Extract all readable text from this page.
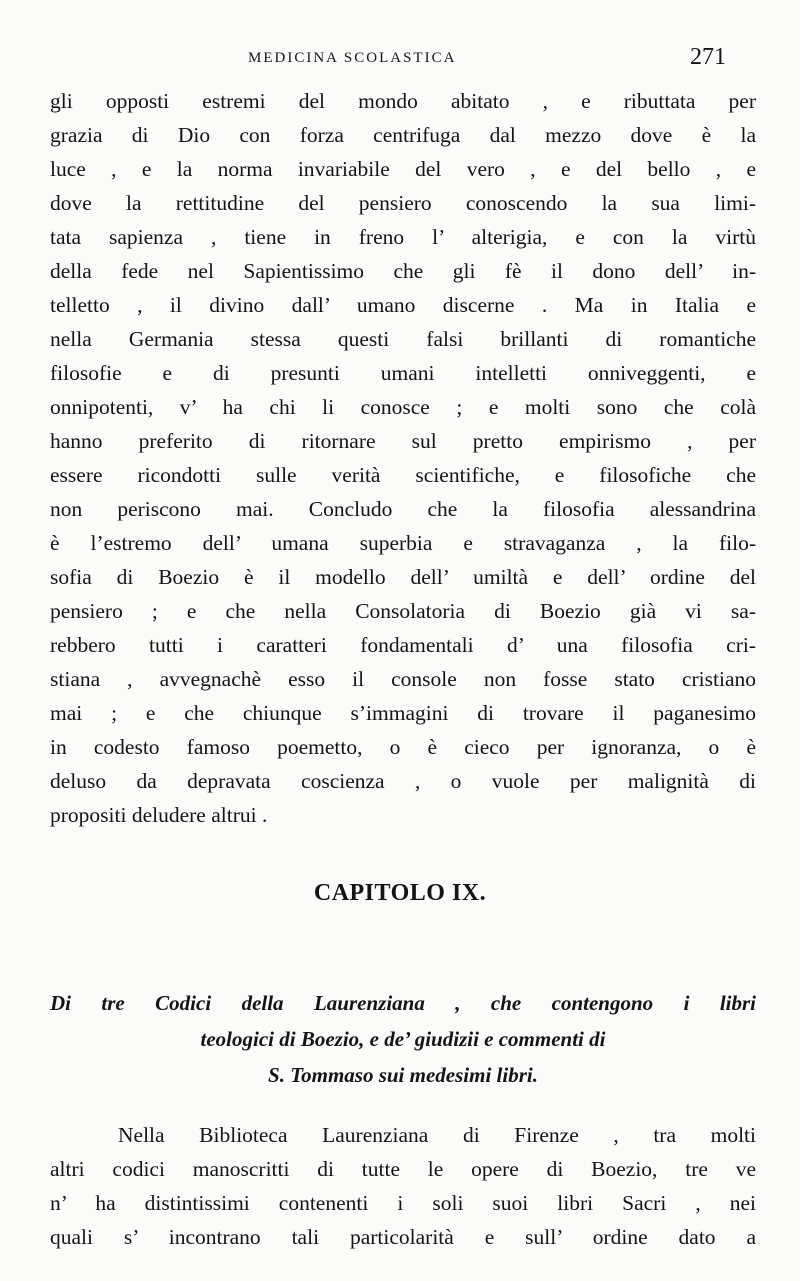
MEDICINA SCOLASTICA	271
gli opposti estremi del mondo abitato , e ributtata per
grazia di Dio con forza centrifuga dal mezzo dove è la
luce , e la norma invariabile del vero , e del bello , e
dove la rettitudine del pensiero conoscendo la sua limi-
tata sapienza , tiene in freno l’ alterigia, e con la virtù
della fede nel Sapientissimo che gli fè il dono dell’ in-
telletto , il divino dall’ umano discerne . Ma in Italia e
nella Germania stessa questi falsi brillanti di romantiche
filosofie e di presunti umani intelletti onniveggenti, e
onnipotenti, v’ ha chi li conosce ; e molti sono che colà
hanno preferito di ritornare sul pretto empirismo , per
essere ricondotti sulle verità scientifiche, e filosofiche che
non periscono mai. Concludo che la filosofia alessandrina
è l’estremo dell’ umana superbia e stravaganza , la filo-
sofia di Boezio è il modello dell’ umiltà e dell’ ordine del
pensiero ; e che nella Consolatoria di Boezio già vi sa-
rebbero tutti i caratteri fondamentali d’ una filosofia cri-
stiana , avvegnachè esso il console non fosse stato cristiano
mai ; e che chiunque s’immagini di trovare il paganesimo
in codesto famoso poemetto, o è cieco per ignoranza, o è
deluso da depravata coscienza , o vuole per malignità di
propositi deludere altrui .
CAPITOLO IX.
Di tre Codici della Laurenziana , che contengono i libri
teologici di Boezio, e de’ giudizii e commenti di
S. Tommaso sui medesimi libri.
Nella Biblioteca Laurenziana di Firenze , tra molti
altri codici manoscritti di tutte le opere di Boezio, tre ve
n’ ha distintissimi contenenti i soli suoi libri Sacri , nei
quali s’ incontrano tali particolarità e sull’ ordine dato a
